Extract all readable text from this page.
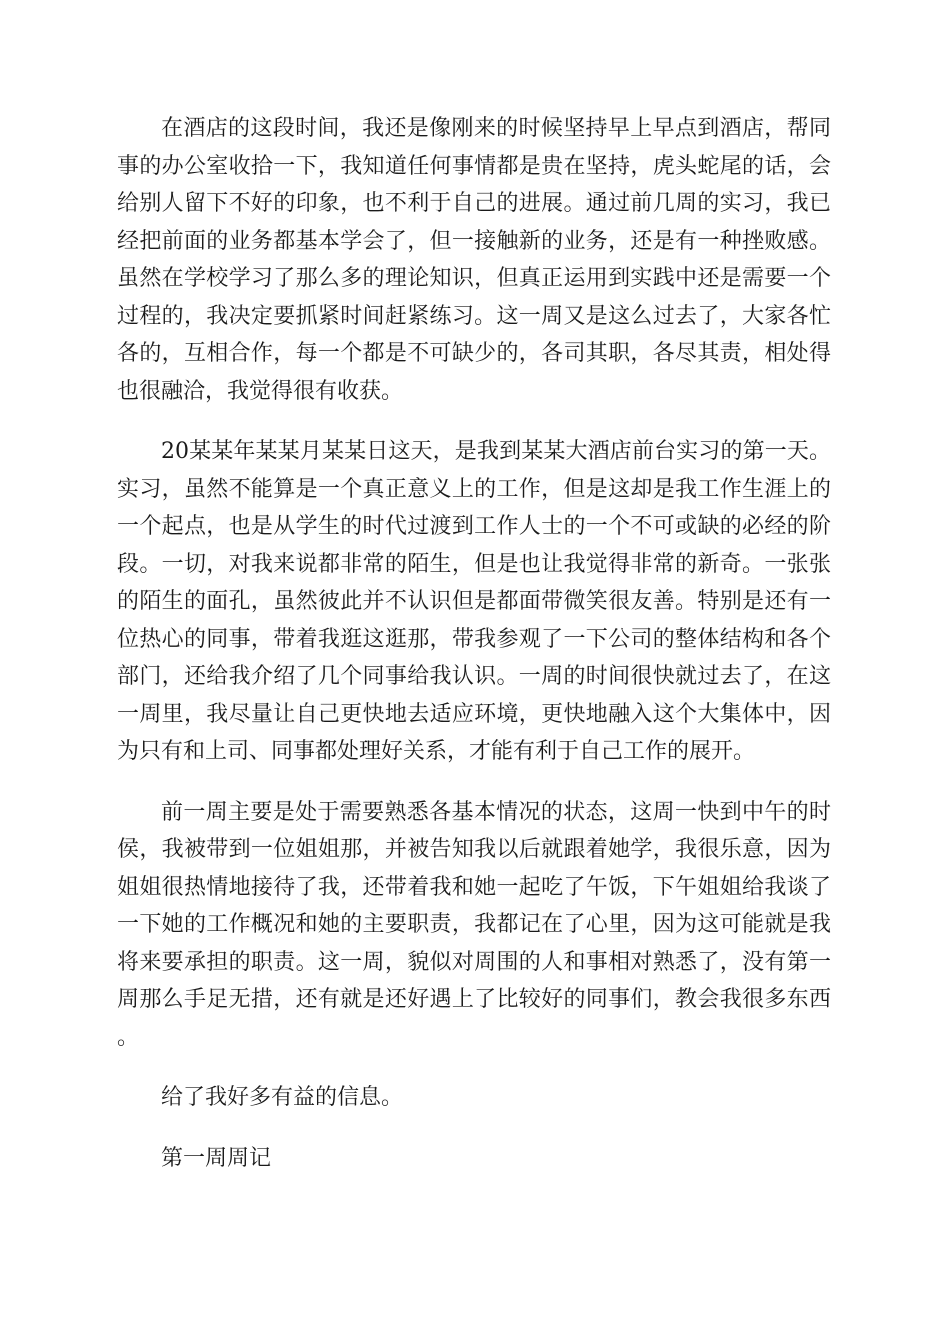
在酒店的这段时间，我还是像刚来的时候坚持早上早点到酒店，帮同事的办公室收拾一下，我知道任何事情都是贵在坚持，虎头蛇尾的话，会给别人留下不好的印象，也不利于自己的进展。通过前几周的实习，我已经把前面的业务都基本学会了，但一接触新的业务，还是有一种挫败感。虽然在学校学习了那么多的理论知识，但真正运用到实践中还是需要一个过程的，我决定要抓紧时间赶紧练习。这一周又是这么过去了，大家各忙各的，互相合作，每一个都是不可缺少的，各司其职，各尽其责，相处得也很融洽，我觉得很有收获。

20某某年某某月某某日这天，是我到某某大酒店前台实习的第一天。实习，虽然不能算是一个真正意义上的工作，但是这却是我工作生涯上的一个起点，也是从学生的时代过渡到工作人士的一个不可或缺的必经的阶段。一切，对我来说都非常的陌生，但是也让我觉得非常的新奇。一张张的陌生的面孔，虽然彼此并不认识但是都面带微笑很友善。特别是还有一位热心的同事，带着我逛这逛那，带我参观了一下公司的整体结构和各个部门，还给我介绍了几个同事给我认识。一周的时间很快就过去了，在这一周里，我尽量让自己更快地去适应环境，更快地融入这个大集体中，因为只有和上司、同事都处理好关系，才能有利于自己工作的展开。

前一周主要是处于需要熟悉各基本情况的状态，这周一快到中午的时侯，我被带到一位姐姐那，并被告知我以后就跟着她学，我很乐意，因为姐姐很热情地接待了我，还带着我和她一起吃了午饭，下午姐姐给我谈了一下她的工作概况和她的主要职责，我都记在了心里，因为这可能就是我将来要承担的职责。这一周，貌似对周围的人和事相对熟悉了，没有第一周那么手足无措，还有就是还好遇上了比较好的同事们，教会我很多东西。

给了我好多有益的信息。

第一周周记
